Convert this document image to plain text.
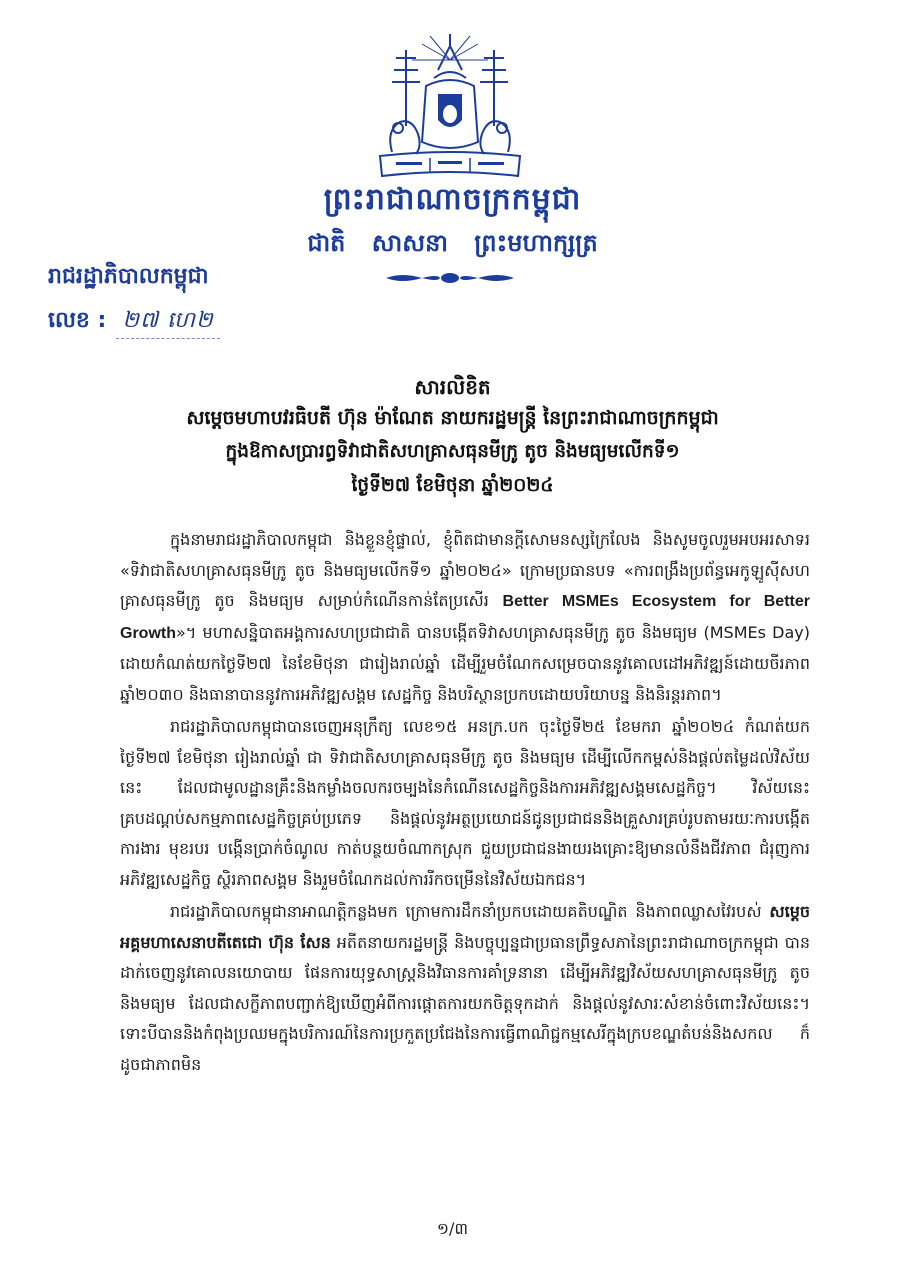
ព្រះរាជាណាចក្រកម្ពុជា
ជាតិ សាសនា ព្រះមហាក្សត្រ
រាជរដ្ឋាភិបាលកម្ពុជា
លេខ : ២៧ ហេ២
សារលិខិត
សម្តេចមហាបវរធិបតី ហ៊ុន ម៉ាណែត នាយករដ្ឋមន្ត្រី នៃព្រះរាជាណាចក្រកម្ពុជា
ក្នុងឱកាសប្រារព្ធទិវាជាតិសហគ្រាសធុនមីក្រូ តូច និងមធ្យមលើកទី១
ថ្ងៃទី២៧ ខែមិថុនា ឆ្នាំ២០២៤

ក្នុងនាមរាជរដ្ឋាភិបាលកម្ពុជា និងខ្លួនខ្ញុំផ្ទាល់, ខ្ញុំពិតជាមានក្តីសោមនស្សក្រៃលែង និងសូមចូលរួមអបអរសាទរ «ទិវាជាតិសហគ្រាសធុនមីក្រូ តូច និងមធ្យមលើកទី១ ឆ្នាំ២០២៤» ក្រោមប្រធានបទ «ការពង្រឹងប្រព័ន្ធអេកូឡូស៊ីសហគ្រាសធុនមីក្រូ តូច និងមធ្យម សម្រាប់កំណើនកាន់តែប្រសើរ Better MSMEs Ecosystem for Better Growth»។ មហាសន្និបាតអង្គការសហប្រជាជាតិ បានបង្កើតទិវាសហគ្រាសធុនមីក្រូ តូច និងមធ្យម (MSMEs Day) ដោយកំណត់យកថ្ងៃទី២៧ នៃខែមិថុនា ជារៀងរាល់ឆ្នាំ ដើម្បីរួមចំណែកសម្រេចបាននូវគោលដៅអភិវឌ្ឍន៍ដោយចីរភាពឆ្នាំ២០៣០ និងធានាបាននូវការអភិវឌ្ឍសង្គម សេដ្ឋកិច្ច និងបរិស្ថានប្រកបដោយបរិយាបន្ន និងនិរន្តរភាព។

រាជរដ្ឋាភិបាលកម្ពុជាបានចេញអនុក្រឹត្យ លេខ១៥ អនក្រ.បក ចុះថ្ងៃទី២៥ ខែមករា ឆ្នាំ២០២៤ កំណត់យកថ្ងៃទី២៧ ខែមិថុនា រៀងរាល់ឆ្នាំ ជា ទិវាជាតិសហគ្រាសធុនមីក្រូ តូច និងមធ្យម ដើម្បីលើកកម្ពស់និងផ្តល់តម្លៃដល់វិស័យនេះ ដែលជាមូលដ្ឋានគ្រឹះនិងកម្លាំងចលករចម្បងនៃកំណើនសេដ្ឋកិច្ចនិងការអភិវឌ្ឍសង្គមសេដ្ឋកិច្ច។ វិស័យនេះគ្របដណ្តប់សកម្មភាពសេដ្ឋកិច្ចគ្រប់ប្រភេទ និងផ្តល់នូវអត្ថប្រយោជន៍ជូនប្រជាជននិងគ្រួសារគ្រប់រូបតាមរយៈការបង្កើតការងារ មុខរបរ បង្កើនប្រាក់ចំណូល កាត់បន្ថយចំណាកស្រុក ជួយប្រជាជនងាយរងគ្រោះឱ្យមានលំនឹងជីវភាព ជំរុញការអភិវឌ្ឍសេដ្ឋកិច្ច ស្ថិរភាពសង្គម និងរួមចំណែកដល់ការរីកចម្រើននៃវិស័យឯកជន។

រាជរដ្ឋាភិបាលកម្ពុជានាអាណត្តិកន្លងមក ក្រោមការដឹកនាំប្រកបដោយគតិបណ្ឌិត និងភាពឈ្លាសវៃរបស់ សម្តេចអគ្គមហាសេនាបតីតេជោ ហ៊ុន សែន អតីតនាយករដ្ឋមន្ត្រី និងបច្ចុប្បន្នជាប្រធានព្រឹទ្ធសភានៃព្រះរាជាណាចក្រកម្ពុជា បានដាក់ចេញនូវគោលនយោបាយ ផែនការយុទ្ធសាស្ត្រនិងវិធានការគាំទ្រនានា ដើម្បីអភិវឌ្ឍវិស័យសហគ្រាសធុនមីក្រូ តូច និងមធ្យម ដែលជាសក្ខីភាពបញ្ជាក់ឱ្យឃើញអំពីការផ្តោតការយកចិត្តទុកដាក់ និងផ្តល់នូវសារៈសំខាន់ចំពោះវិស័យនេះ។ ទោះបីបាននិងកំពុងប្រឈមក្នុងបរិការណ៍នៃការប្រកួតប្រជែងនៃការធ្វើពាណិជ្ជកម្មសេរីក្នុងក្របខណ្ឌតំបន់និងសកល ក៏ដូចជាភាពមិន

១/៣
